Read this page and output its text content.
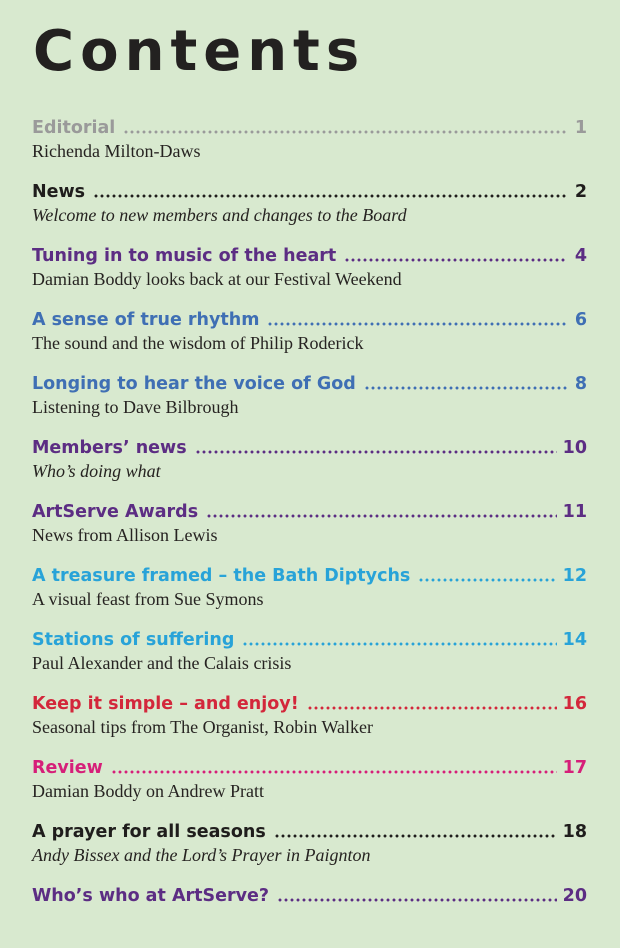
Contents
Editorial	1
Richenda Milton-Daws
News	2
Welcome to new members and changes to the Board
Tuning in to music of the heart	4
Damian Boddy looks back at our Festival Weekend
A sense of true rhythm	6
The sound and the wisdom of Philip Roderick
Longing to hear the voice of God	8
Listening to Dave Bilbrough
Members’ news	10
Who’s doing what
ArtServe Awards	11
News from Allison Lewis
A treasure framed – the Bath Diptychs	12
A visual feast from Sue Symons
Stations of suffering	14
Paul Alexander and the Calais crisis
Keep it simple – and enjoy!	16
Seasonal tips from The Organist, Robin Walker
Review	17
Damian Boddy on Andrew Pratt
A prayer for all seasons	18
Andy Bissex and the Lord’s Prayer in Paignton
Who’s who at ArtServe?	20
